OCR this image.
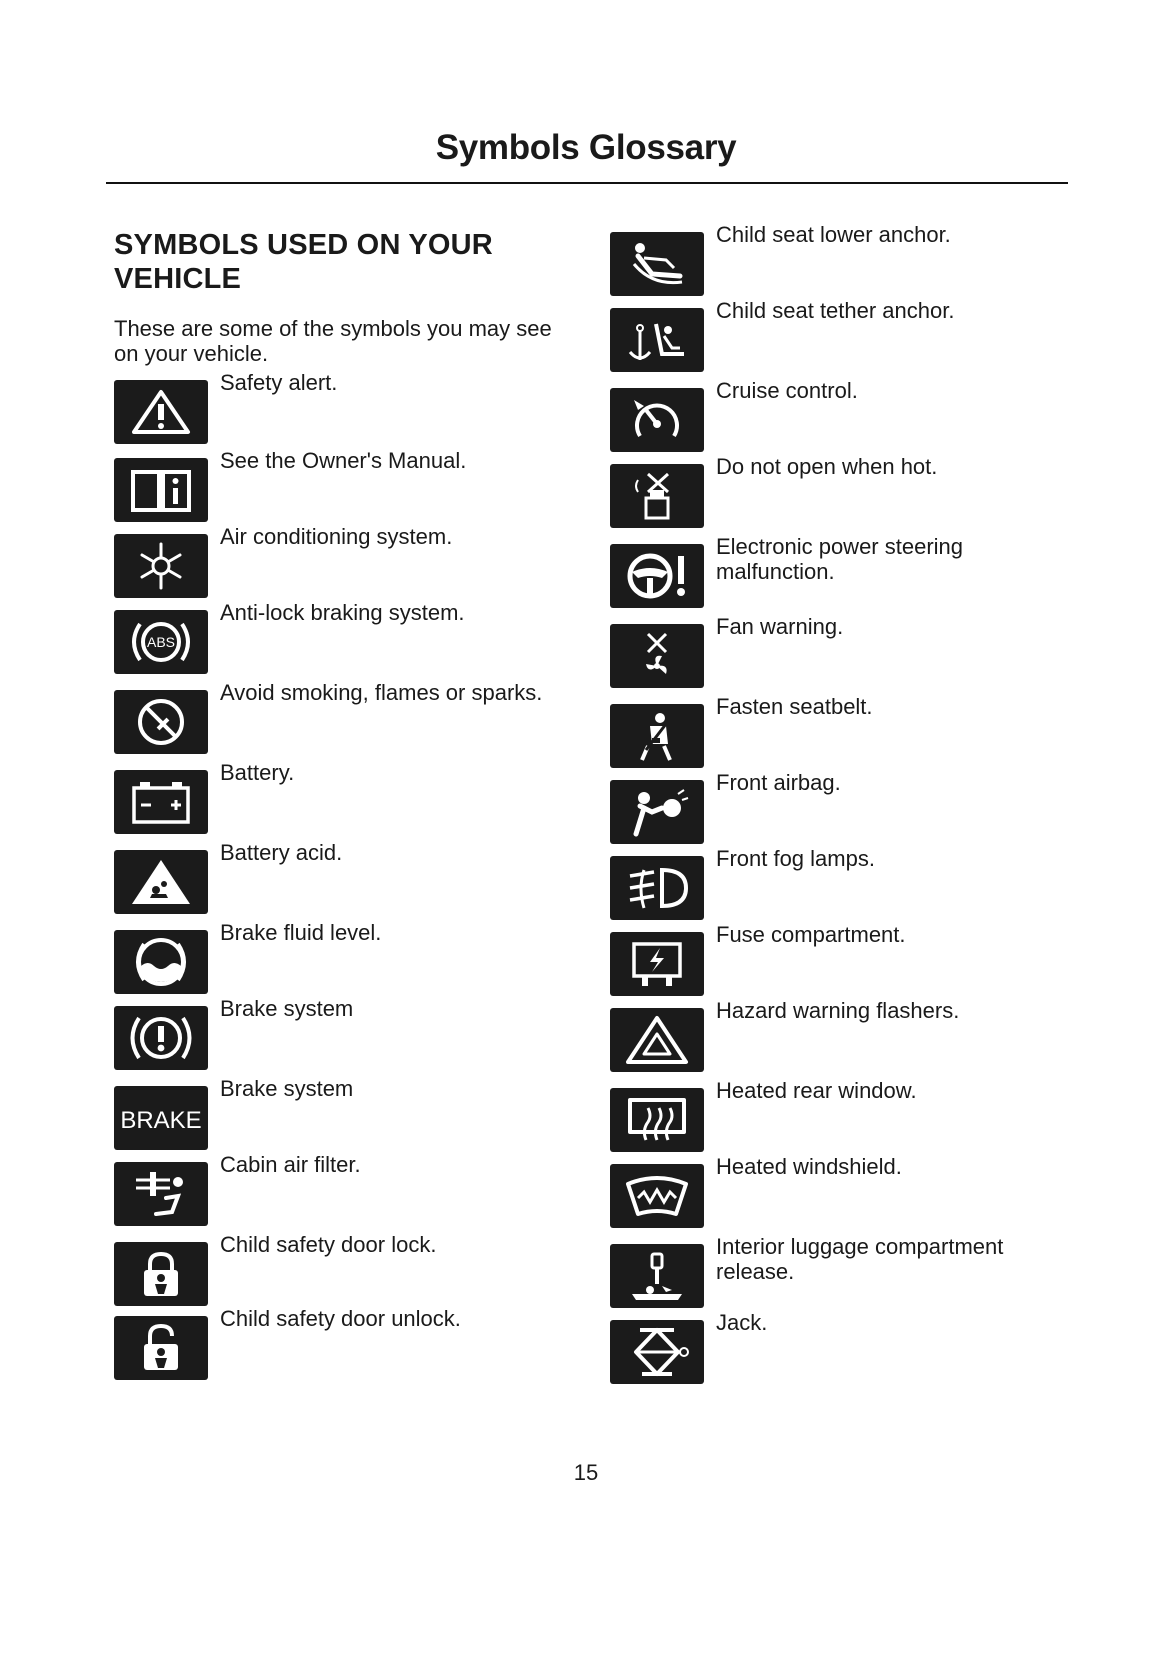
Symbols Glossary
SYMBOLS USED ON YOUR VEHICLE
These are some of the symbols you may see on your vehicle.
Safety alert.
See the Owner's Manual.
Air conditioning system.
ABS
Anti-lock braking system.
Avoid smoking, flames or sparks.
Battery.
Battery acid.
Brake fluid level.
Brake system
BRAKE
Brake system
Cabin air filter.
Child safety door lock.
Child safety door unlock.
Child seat lower anchor.
Child seat tether anchor.
Cruise control.
Do not open when hot.
Electronic power steering malfunction.
Fan warning.
Fasten seatbelt.
Front airbag.
Front fog lamps.
Fuse compartment.
Hazard warning flashers.
Heated rear window.
Heated windshield.
Interior luggage compartment release.
Jack.
15
